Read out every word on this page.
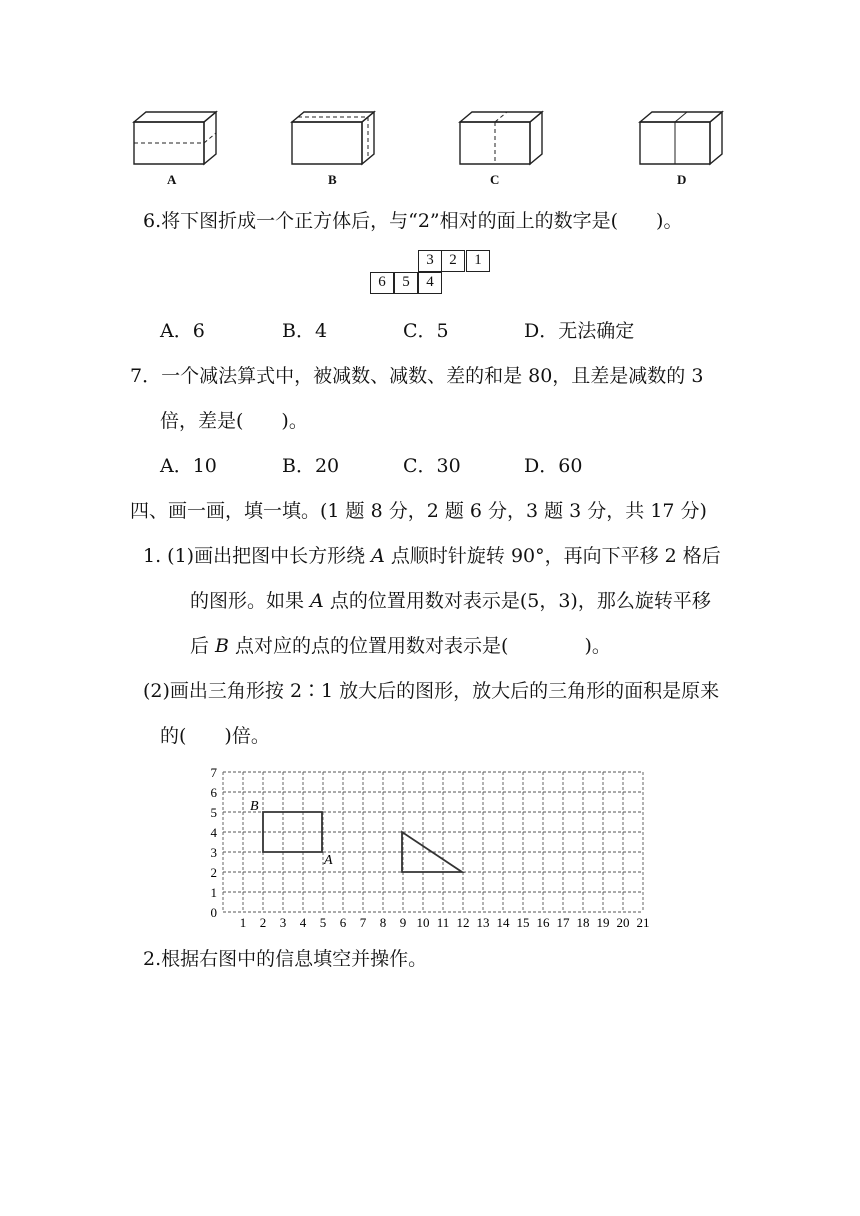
A	B	C	D
6.将下图折成一个正方体后，与“2”相对的面上的数字是(　　)。
3	2	1
6	5	4
A．6	B．4	C．5	D．无法确定
7．一个减法算式中，被减数、减数、差的和是 80，且差是减数的 3
倍，差是(　　)。
A．10	B．20	C．30	D．60
四、画一画，填一填。(1 题 8 分，2 题 6 分，3 题 3 分，共 17 分)
1. (1)画出把图中长方形绕 A 点顺时针旋转 90°，再向下平移 2 格后
的图形。如果 A 点的位置用数对表示是(5，3)，那么旋转平移
后 B 点对应的点的位置用数对表示是(　　　　)。
(2)画出三角形按 2∶1 放大后的图形，放大后的三角形的面积是原来
的(　　)倍。
1 2 3 4 5 6 7 8 9 10 11 12 13 14 15 16 17 18 19 20 21
0
1
2
3
4
5
6
7
B
A
2.根据右图中的信息填空并操作。
